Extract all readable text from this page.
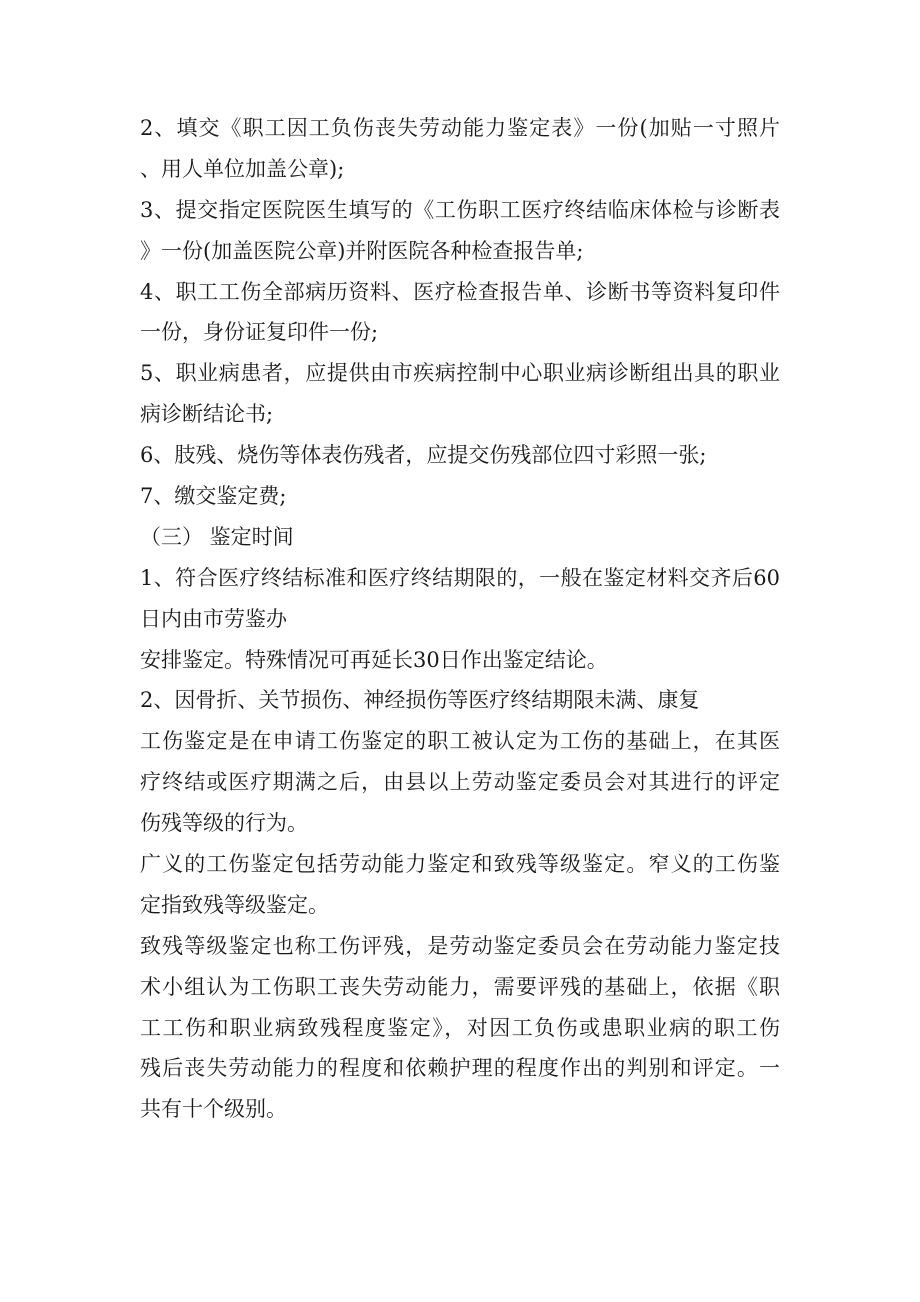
2、填交《职工因工负伤丧失劳动能力鉴定表》一份(加贴一寸照片
、用人单位加盖公章);
3、提交指定医院医生填写的《工伤职工医疗终结临床体检与诊断表
》一份(加盖医院公章)并附医院各种检查报告单;
4、职工工伤全部病历资料、医疗检查报告单、诊断书等资料复印件
一份，身份证复印件一份;
5、职业病患者，应提供由市疾病控制中心职业病诊断组出具的职业
病诊断结论书;
6、肢残、烧伤等体表伤残者，应提交伤残部位四寸彩照一张;
7、缴交鉴定费;
（三） 鉴定时间
1、符合医疗终结标准和医疗终结期限的，一般在鉴定材料交齐后60
日内由市劳鉴办
安排鉴定。特殊情况可再延长30日作出鉴定结论。
2、因骨折、关节损伤、神经损伤等医疗终结期限未满、康复
工伤鉴定是在申请工伤鉴定的职工被认定为工伤的基础上，在其医
疗终结或医疗期满之后，由县以上劳动鉴定委员会对其进行的评定
伤残等级的行为。
广义的工伤鉴定包括劳动能力鉴定和致残等级鉴定。窄义的工伤鉴
定指致残等级鉴定。
致残等级鉴定也称工伤评残，是劳动鉴定委员会在劳动能力鉴定技
术小组认为工伤职工丧失劳动能力，需要评残的基础上，依据《职
工工伤和职业病致残程度鉴定》，对因工负伤或患职业病的职工伤
残后丧失劳动能力的程度和依赖护理的程度作出的判别和评定。一
共有十个级别。
